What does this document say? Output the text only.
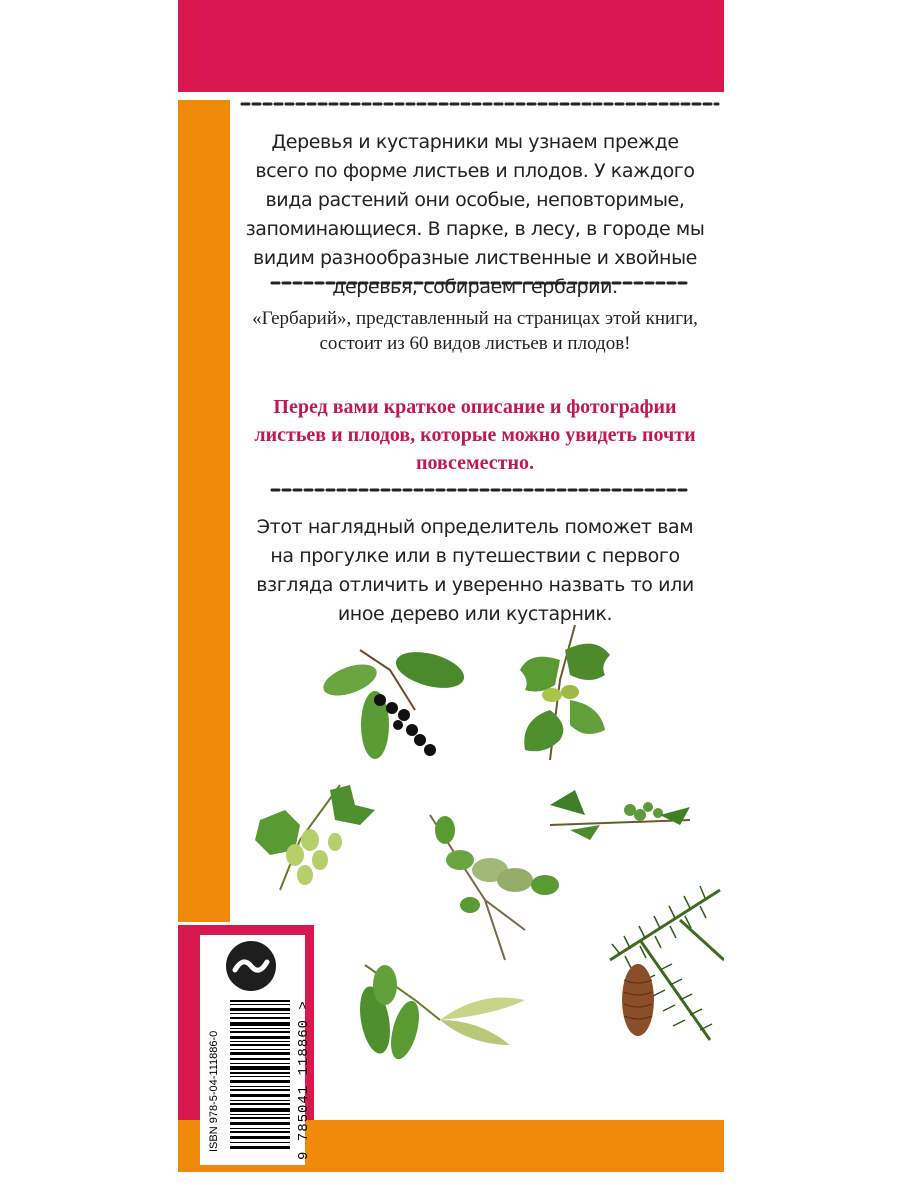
Деревья и кустарники мы узнаем прежде всего по форме листьев и плодов. У каждого вида растений они особые, неповторимые, запоминающиеся. В парке, в лесу, в городе мы видим разнообразные лиственные и хвойные деревья, собираем гербарии.
«Гербарий», представленный на страницах этой книги, состоит из 60 видов листьев и плодов!
Перед вами краткое описание и фотографии листьев и плодов, которые можно увидеть почти повсеместно.
Этот наглядный определитель поможет вам на прогулке или в путешествии с первого взгляда отличить и уверенно назвать то или иное дерево или кустарник.
ISBN 978-5-04-111886-0	9 785041 118860 >
